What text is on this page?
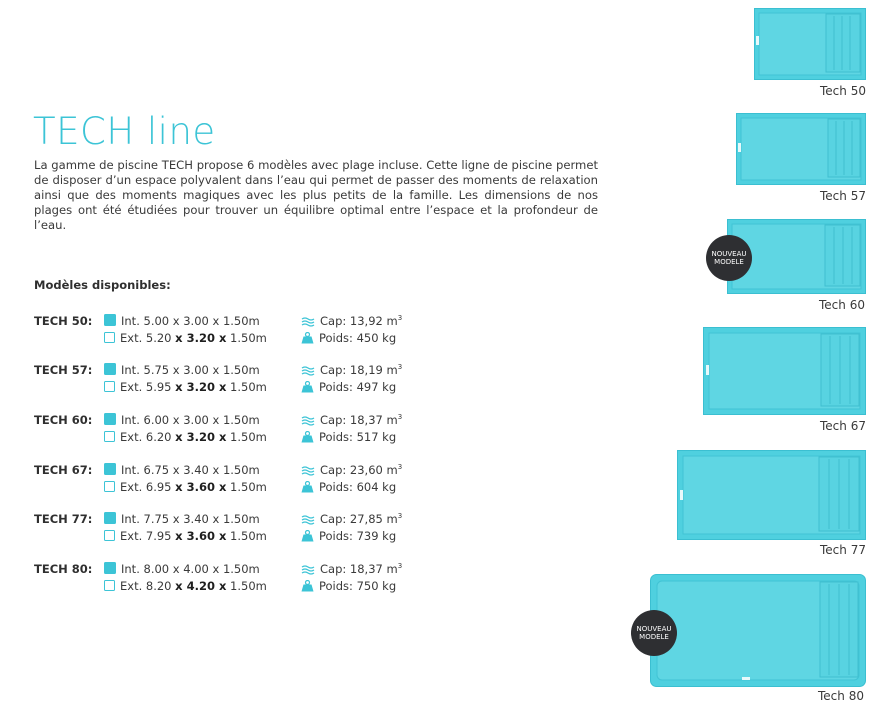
TECH line
La gamme de piscine TECH propose 6 modèles avec plage incluse. Cette ligne de piscine permet de disposer d’un espace polyvalent dans l’eau qui permet de passer des moments de relaxation ainsi que des moments magiques avec les plus petits de la famille. Les dimensions de nos plages ont été étudiées pour trouver un équilibre optimal entre l’espace et la profondeur de l’eau.
Modèles disponibles:
TECH 50:	Int. 5.00 x 3.00 x 1.50m
Ext. 5.20 x 3.20 x 1.50m
Cap: 13,92 $m^3$
Poids: 450 kg
TECH 57:	Int. 5.75 x 3.00 x 1.50m
Ext. 5.95 x 3.20 x 1.50m
Cap: 18,19 $m^3$
Poids: 497 kg
TECH 60:	Int. 6.00 x 3.00 x 1.50m
Ext. 6.20 x 3.20 x 1.50m
Cap: 18,37 $m^3$
Poids: 517 kg
TECH 67:	Int. 6.75 x 3.40 x 1.50m
Ext. 6.95 x 3.60 x 1.50m
Cap: 23,60 $m^3$
Poids: 604 kg
TECH 77:	Int. 7.75 x 3.40 x 1.50m
Ext. 7.95 x 3.60 x 1.50m
Cap: 27,85 $m^3$
Poids: 739 kg
TECH 80:	Int. 8.00 x 4.00 x 1.50m
Ext. 8.20 x 4.20 x 1.50m
Cap: 18,37 $m^3$
Poids: 750 kg
Tech 50
Tech 57
NOUVEAU
MODELE
Tech 60
Tech 67
Tech 77
NOUVEAU
MODELE
Tech 80
